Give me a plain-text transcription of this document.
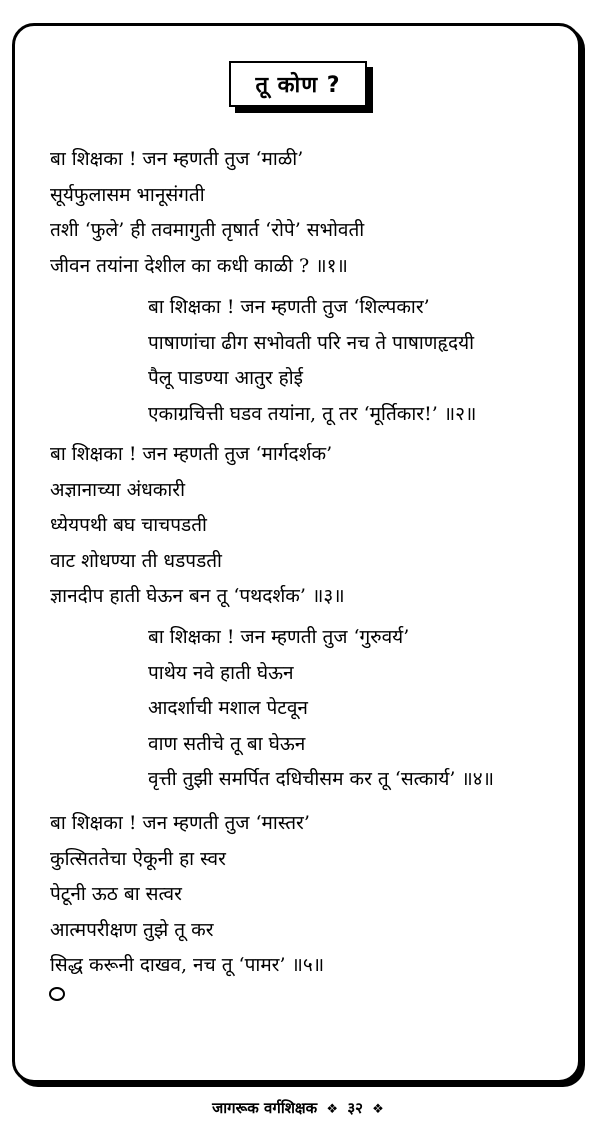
तू कोण ?
बा शिक्षका ! जन म्हणती तुज ‘माळी’
सूर्यफुलासम भानूसंगती
तशी ‘फुले’ ही तवमागुती तृषार्त ‘रोपे’ सभोवती
जीवन तयांना देशील का कधी काळी ? ॥१॥
बा शिक्षका ! जन म्हणती तुज ‘शिल्पकार’
पाषाणांचा ढीग सभोवती परि नच ते पाषाणहृदयी
पैलू पाडण्या आतुर होई
एकाग्रचित्ती घडव तयांना, तू तर ‘मूर्तिकार!’ ॥२॥
बा शिक्षका ! जन म्हणती तुज ‘मार्गदर्शक’
अज्ञानाच्या अंधकारी
ध्येयपथी बघ चाचपडती
वाट शोधण्या ती धडपडती
ज्ञानदीप हाती घेऊन बन तू ‘पथदर्शक’ ॥३॥
बा शिक्षका ! जन म्हणती तुज ‘गुरुवर्य’
पाथेय नवे हाती घेऊन
आदर्शाची मशाल पेटवून
वाण सतीचे तू बा घेऊन
वृत्ती तुझी समर्पित दधिचीसम कर तू ‘सत्कार्य’ ॥४॥
बा शिक्षका ! जन म्हणती तुज ‘मास्तर’
कुत्सिततेचा ऐकूनी हा स्वर
पेटूनी ऊठ बा सत्वर
आत्मपरीक्षण तुझे तू कर
सिद्ध करूनी दाखव, नच तू ‘पामर’ ॥५॥
जागरूक वर्गशिक्षक ❖ ३२ ❖
